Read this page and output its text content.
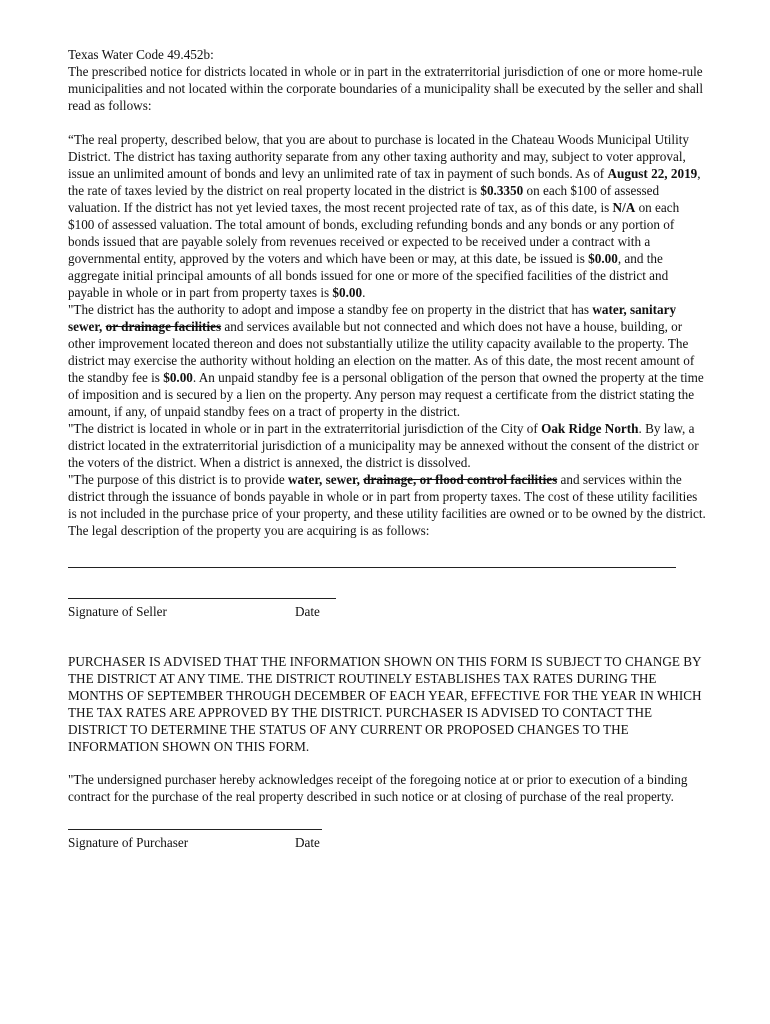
Texas Water Code 49.452b:

The prescribed notice for districts located in whole or in part in the extraterritorial jurisdiction of one or more home-rule municipalities and not located within the corporate boundaries of a municipality shall be executed by the seller and shall read as follows:

“The real property, described below, that you are about to purchase is located in the Chateau Woods Municipal Utility District. The district has taxing authority separate from any other taxing authority and may, subject to voter approval, issue an unlimited amount of bonds and levy an unlimited rate of tax in payment of such bonds. As of August 22, 2019, the rate of taxes levied by the district on real property located in the district is $0.3350 on each $100 of assessed valuation. If the district has not yet levied taxes, the most recent projected rate of tax, as of this date, is N/A on each $100 of assessed valuation. The total amount of bonds, excluding refunding bonds and any bonds or any portion of bonds issued that are payable solely from revenues received or expected to be received under a contract with a governmental entity, approved by the voters and which have been or may, at this date, be issued is $0.00, and the aggregate initial principal amounts of all bonds issued for one or more of the specified facilities of the district and payable in whole or in part from property taxes is $0.00.

"The district has the authority to adopt and impose a standby fee on property in the district that has water, sanitary sewer, or drainage facilities and services available but not connected and which does not have a house, building, or other improvement located thereon and does not substantially utilize the utility capacity available to the property. The district may exercise the authority without holding an election on the matter. As of this date, the most recent amount of the standby fee is $0.00. An unpaid standby fee is a personal obligation of the person that owned the property at the time of imposition and is secured by a lien on the property. Any person may request a certificate from the district stating the amount, if any, of unpaid standby fees on a tract of property in the district.

"The district is located in whole or in part in the extraterritorial jurisdiction of the City of Oak Ridge North. By law, a district located in the extraterritorial jurisdiction of a municipality may be annexed without the consent of the district or the voters of the district. When a district is annexed, the district is dissolved.

"The purpose of this district is to provide water, sewer, drainage, or flood control facilities and services within the district through the issuance of bonds payable in whole or in part from property taxes. The cost of these utility facilities is not included in the purchase price of your property, and these utility facilities are owned or to be owned by the district. The legal description of the property you are acquiring is as follows:

Signature of Seller	Date

PURCHASER IS ADVISED THAT THE INFORMATION SHOWN ON THIS FORM IS SUBJECT TO CHANGE BY THE DISTRICT AT ANY TIME. THE DISTRICT ROUTINELY ESTABLISHES TAX RATES DURING THE MONTHS OF SEPTEMBER THROUGH DECEMBER OF EACH YEAR, EFFECTIVE FOR THE YEAR IN WHICH THE TAX RATES ARE APPROVED BY THE DISTRICT. PURCHASER IS ADVISED TO CONTACT THE DISTRICT TO DETERMINE THE STATUS OF ANY CURRENT OR PROPOSED CHANGES TO THE INFORMATION SHOWN ON THIS FORM.

"The undersigned purchaser hereby acknowledges receipt of the foregoing notice at or prior to execution of a binding contract for the purchase of the real property described in such notice or at closing of purchase of the real property.

Signature of Purchaser	Date
